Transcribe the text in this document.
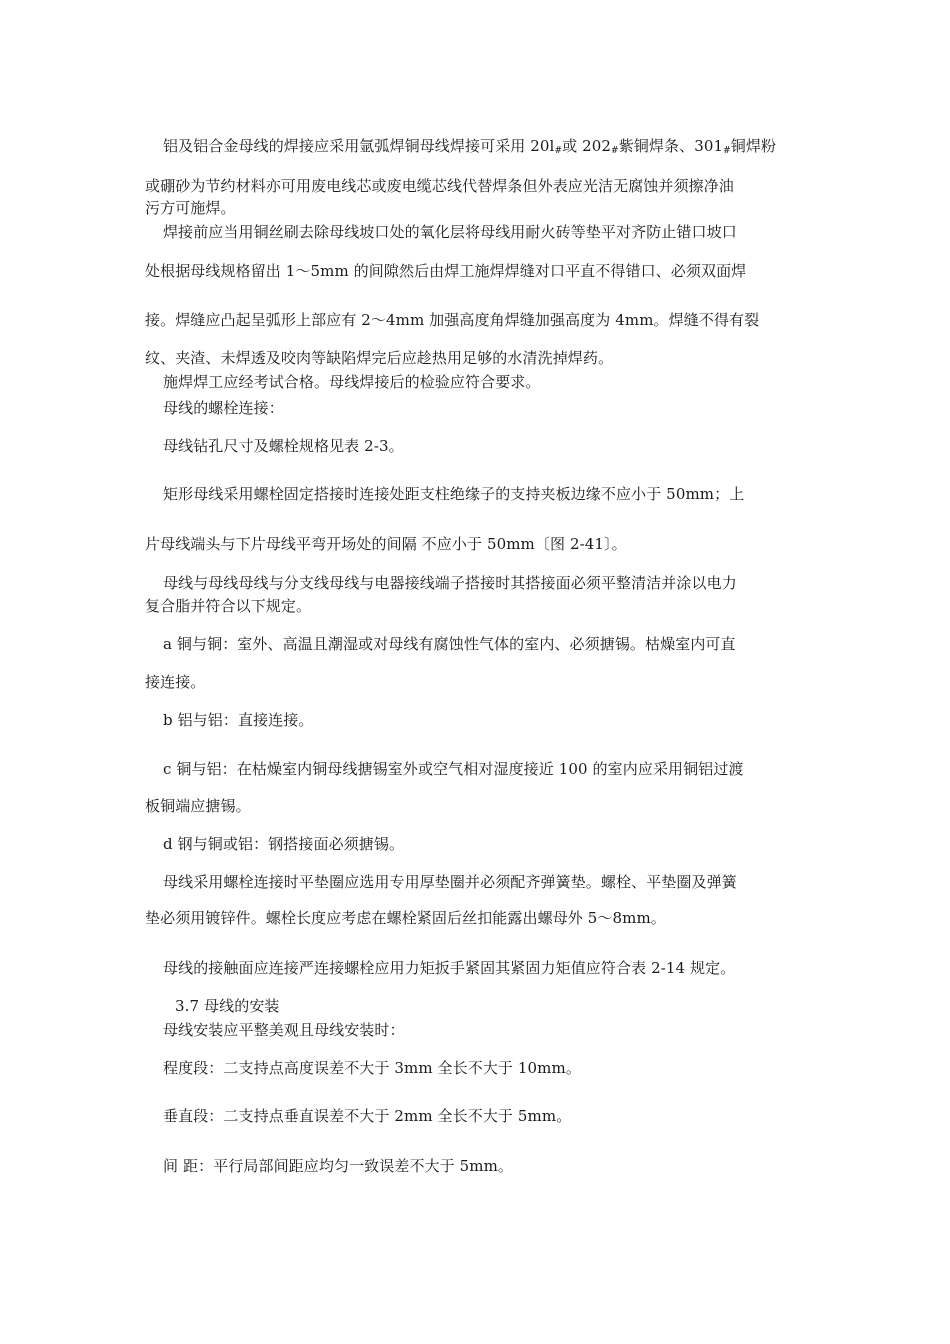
铝及铝合金母线的焊接应采用氩弧焊铜母线焊接可采用 20l#或 202#紫铜焊条、301#铜焊粉
或硼砂为节约材料亦可用废电线芯或废电缆芯线代替焊条但外表应光洁无腐蚀并须擦净油
污方可施焊。
焊接前应当用铜丝刷去除母线坡口处的氧化层将母线用耐火砖等垫平对齐防止错口坡口
处根据母线规格留出 1～5mm 的间隙然后由焊工施焊焊缝对口平直不得错口、必须双面焊
接。焊缝应凸起呈弧形上部应有 2～4mm 加强高度角焊缝加强高度为 4mm。焊缝不得有裂
纹、夹渣、未焊透及咬肉等缺陷焊完后应趁热用足够的水清洗掉焊药。
施焊焊工应经考试合格。母线焊接后的检验应符合要求。
母线的螺栓连接：
母线钻孔尺寸及螺栓规格见表 2-3。
矩形母线采用螺栓固定搭接时连接处距支柱绝缘子的支持夹板边缘不应小于 50mm；上
片母线端头与下片母线平弯开场处的间隔 不应小于 50mm〔图 2-41〕。
母线与母线母线与分支线母线与电器接线端子搭接时其搭接面必须平整清洁并涂以电力
复合脂并符合以下规定。
a 铜与铜：室外、高温且潮湿或对母线有腐蚀性气体的室内、必须搪锡。枯燥室内可直
接连接。
b 铝与铝：直接连接。
c 铜与铝：在枯燥室内铜母线搪锡室外或空气相对湿度接近 100 的室内应采用铜铝过渡
板铜端应搪锡。
d 钢与铜或铝：钢搭接面必须搪锡。
母线采用螺栓连接时平垫圈应选用专用厚垫圈并必须配齐弹簧垫。螺栓、平垫圈及弹簧
垫必须用镀锌件。螺栓长度应考虑在螺栓紧固后丝扣能露出螺母外 5～8mm。
母线的接触面应连接严连接螺栓应用力矩扳手紧固其紧固力矩值应符合表 2-14 规定。
3.7 母线的安装
母线安装应平整美观且母线安装时：
程度段：二支持点高度误差不大于 3mm 全长不大于 10mm。
垂直段：二支持点垂直误差不大于 2mm 全长不大于 5mm。
间 距：平行局部间距应均匀一致误差不大于 5mm。
